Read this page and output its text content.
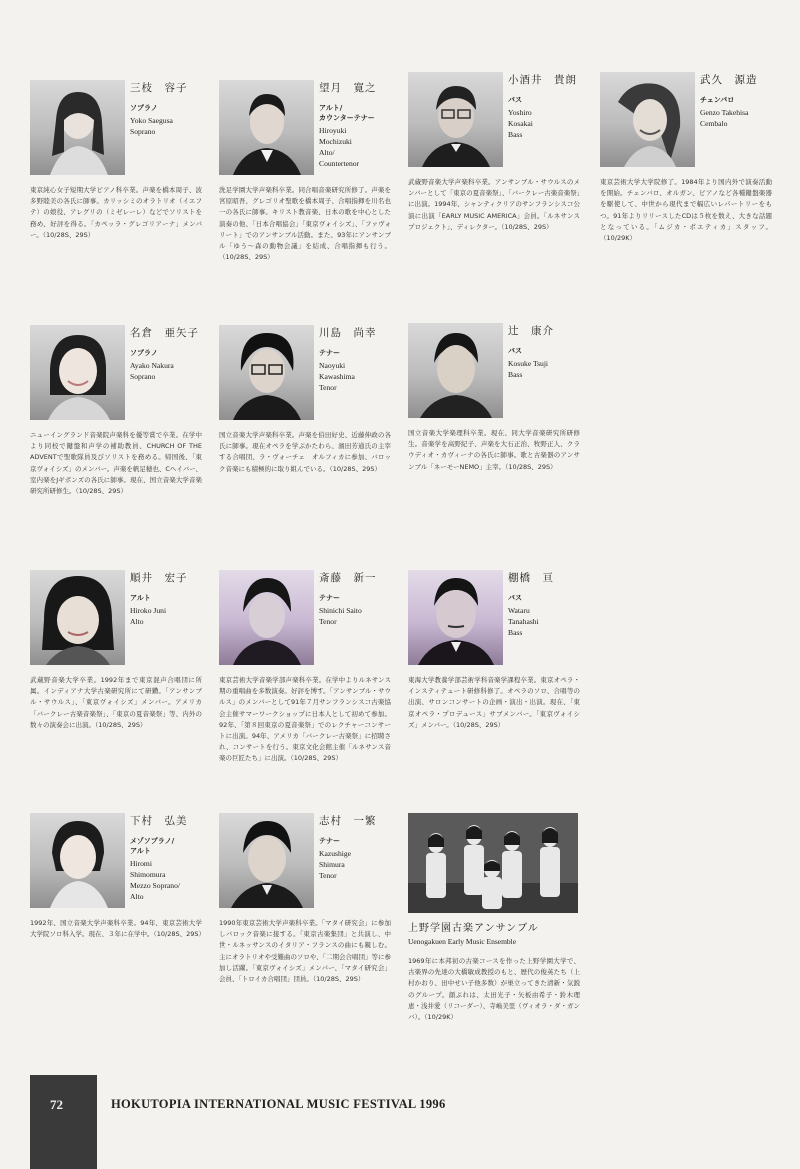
三枝　容子
ソプラノ
Yoko Saegusa
Soprano
東京純心女子短期大学ピアノ科卒業。声楽を橋本周子、波多野睦美の各氏に師事。カリッシミのオラトリオ（イエフテ）の娘役、アレグリの（ミゼレーレ）などでソリストを務め、好評を得る。「カペッラ・グレゴリアーナ」メンバー。（10/28S、29S）
望月　寛之
アルト/
カウンターテナー
Hiroyuki
Mochizuki
Alto/
Countertenor
洗足学園大学声楽科卒業。同合唱音楽研究所修了。声楽を宮原昭吾、グレゴリオ聖歌を橋本周子、合唱指揮を川名也一の各氏に師事。キリスト教音楽、日本の歌を中心とした演奏の他、「日本合唱協会」「東京ヴォイシズ」、「ファヴォリート」でのアンサンブル活動。また、93年にアンサンブル「ゆう～森の動物会議」を結成、合唱指揮も行う。（10/28S、29S）
小酒井　貴朗
バス
Yoshiro
Kosakai
Bass
武蔵野音楽大学声楽科卒業。アンサンブル・サウルスのメンバーとして「東京の夏音楽祭」、「バークレー古楽音楽祭」に出演。1994年、シャンティクリアのサンフランシスコ公演に出演「EARLY MUSIC AMERICA」会員。「ルネサンス　プロジェクト」、ディレクター。（10/28S、29S）
武久　源造
チェンバロ
Genzo Takehisa
Cembalo
東京芸術大学大学院修了。1984年より国内外で演奏活動を開始。チェンバロ、オルガン、ピアノなど各種鍵盤楽器を駆使して、中世から現代まで幅広いレパートリーをもつ。91年よりリリースしたCDは５枚を数え、大きな話題となっている。「ムジカ・ポエティカ」スタッフ。（10/29K）
名倉　亜矢子
ソプラノ
Ayako Nakura
Soprano
ニューイングランド音楽院声楽科を優等賞で卒業。在学中より同校で鍵盤和声学の補助教員、CHURCH OF THE ADVENTで聖歌隊員及びソリストを務める。帰国後、「東京ヴォイシズ」のメンバー。声楽を帆足穂也、Cヘイバー、室内楽をJギボンズの各氏に師事。現在、国立音楽大学音楽研究所研修生。（10/28S、29S）
川島　尚幸
テナー
Naoyuki
Kawashima
Tenor
国立音楽大学声楽科卒業。声楽を伯田好史、近藤伸政の各氏に師事。現在オペラを学ぶかたわら、濱田芳通氏の主宰する合唱団、ラ・ヴォーチェ　オルフィカに参加、バロック音楽にも積極的に取り組んでいる。（10/28S、29S）
辻　康介
バス
Kosuke Tsuji
Bass
国立音楽大学楽理科卒業。現在、同大学音楽研究所研修生。音楽学を高野紀子、声楽を大石正治、牧野正人、クラウディオ・カヴィーナの各氏に師事。歌と古楽器のアンサンブル「ネーモーNEMO」主宰。（10/28S、29S）
順井　宏子
アルト
Hiroko Juni
Alto
武蔵野音楽大学卒業。1992年まで東京混声合唱団に所属。インディアナ大学古楽研究所にて研鑽。「アンサンブル・サウルス」、「東京ヴォイシズ」メンバー。アメリカ「バークレー古楽音楽祭」、「東京の夏音楽祭」等、内外の数々の演奏会に出演。（10/28S、29S）
斎藤　新一
テナー
Shinichi Saito
Tenor
東京芸術大学音楽学部声楽科卒業。在学中よりルネサンス期の重唱曲を多数演奏。好評を博す。「アンサンブル・サウルス」のメンバーとして91年７月サンフランシスコ古楽協会主催サマーワークショップに日本人として初めて参加。92年、「第８回東京の夏音楽祭」でのレクチャーコンサートに出演。94年、アメリカ「バークレー古楽祭」に招聘され、コンサートを行う。東京文化会館主催「ルネサンス音楽の巨匠たち」に出演。（10/28S、29S）
棚橋　亘
バス
Wataru
Tanahashi
Bass
東海大学教養学部芸術学科音楽学課程卒業。東京オペラ・インスティテュート研修科修了。オペラのソロ、合唱等の出演、サロンコンサートの企画・演出・出演。現在、「東京オペラ・プロデュース」サブメンバー。「東京ヴォイシズ」メンバー。（10/28S、29S）
下村　弘美
メゾソプラノ/
アルト
Hiromi
Shimomura
Mezzo Soprano/
Alto
1992年、国立音楽大学声楽科卒業。94年、東京芸術大学大学院ソロ科入学。現在、３年に在学中。（10/28S、29S）
志村　一繁
テナー
Kazushige
Shimura
Tenor
1990年東京芸術大学声楽科卒業。「マタイ研究会」に参加しバロック音楽に接する。「東京古楽集団」と共演し、中世・ルネッサンスのイタリア・フランスの曲にも親しむ。主にオラトリオや受難曲のソロや、「二期会合唱団」等に参加し活躍。「東京ヴォイシズ」メンバー、「マタイ研究会」会員、「トロイカ合唱団」団員。（10/28S、29S）
上野学園古楽アンサンブル
Uenogakuen Early Music Ensemble
1969年に本邦初の古楽コースを作った上野学園大学で、古楽界の先達の大橋敏成教授のもと、歴代の俊英たち（上村かおり、田中せい子他多数）が巣立ってきた清新・気鋭のグループ。顔ぶれは、太田光子・矢板由希子・鈴木理恵・浅井愛（リコーダー）、寺嶋美里（ヴィオラ・ダ・ガンバ）。（10/29K）
72	HOKUTOPIA INTERNATIONAL MUSIC FESTIVAL 1996
